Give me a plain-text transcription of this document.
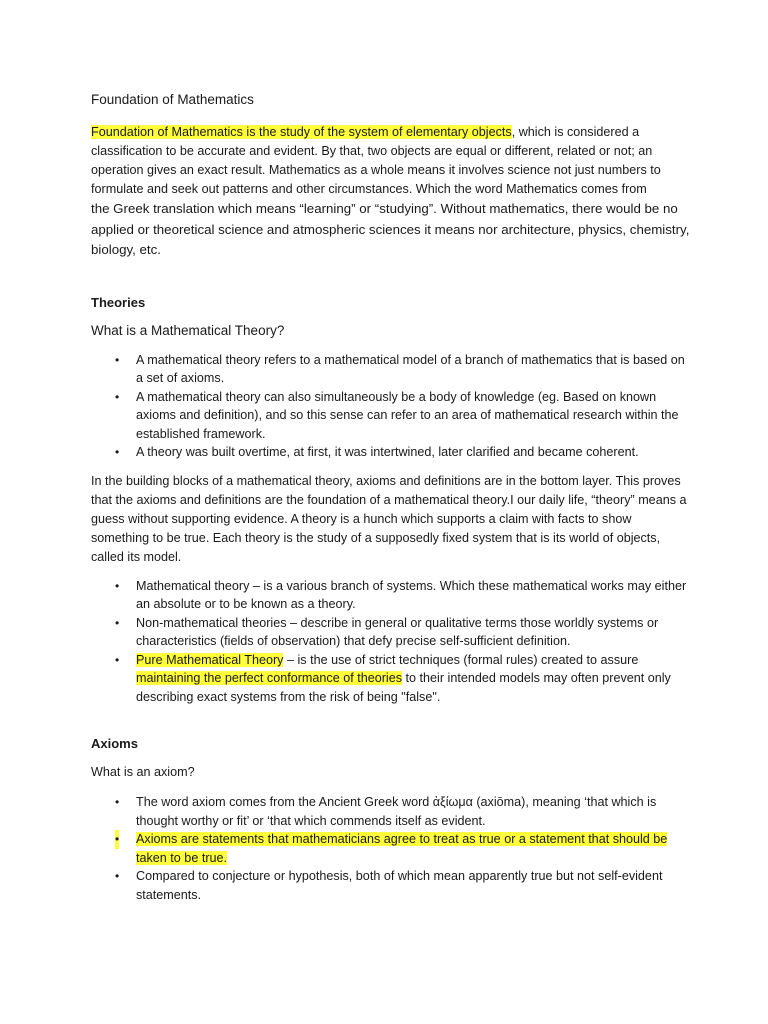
Foundation of Mathematics

Foundation of Mathematics is the study of the system of elementary objects, which is considered a classification to be accurate and evident. By that, two objects are equal or different, related or not; an operation gives an exact result. Mathematics as a whole means it involves science not just numbers to formulate and seek out patterns and other circumstances. Which the word Mathematics comes from

the Greek translation which means “learning” or “studying”. Without mathematics, there would be no applied or theoretical science and atmospheric sciences it means nor architecture, physics, chemistry, biology, etc.

Theories

What is a Mathematical Theory?

• A mathematical theory refers to a mathematical model of a branch of mathematics that is based on a set of axioms.
• A mathematical theory can also simultaneously be a body of knowledge (eg. Based on known axioms and definition), and so this sense can refer to an area of mathematical research within the established framework.
• A theory was built overtime, at first, it was intertwined, later clarified and became coherent.

In the building blocks of a mathematical theory, axioms and definitions are in the bottom layer. This proves that the axioms and definitions are the foundation of a mathematical theory.I our daily life, “theory” means a guess without supporting evidence. A theory is a hunch which supports a claim with facts to show something to be true. Each theory is the study of a supposedly fixed system that is its world of objects, called its model.

• Mathematical theory – is a various branch of systems. Which these mathematical works may either an absolute or to be known as a theory.
• Non-mathematical theories – describe in general or qualitative terms those worldly systems or characteristics (fields of observation) that defy precise self-sufficient definition.
• Pure Mathematical Theory – is the use of strict techniques (formal rules) created to assure maintaining the perfect conformance of theories to their intended models may often prevent only describing exact systems from the risk of being "false".

Axioms

What is an axiom?

• The word axiom comes from the Ancient Greek word ἀξίωμα (axiōma), meaning ‘that which is thought worthy or fit’ or ‘that which commends itself as evident.
• Axioms are statements that mathematicians agree to treat as true or a statement that should be taken to be true.
• Compared to conjecture or hypothesis, both of which mean apparently true but not self-evident statements.
